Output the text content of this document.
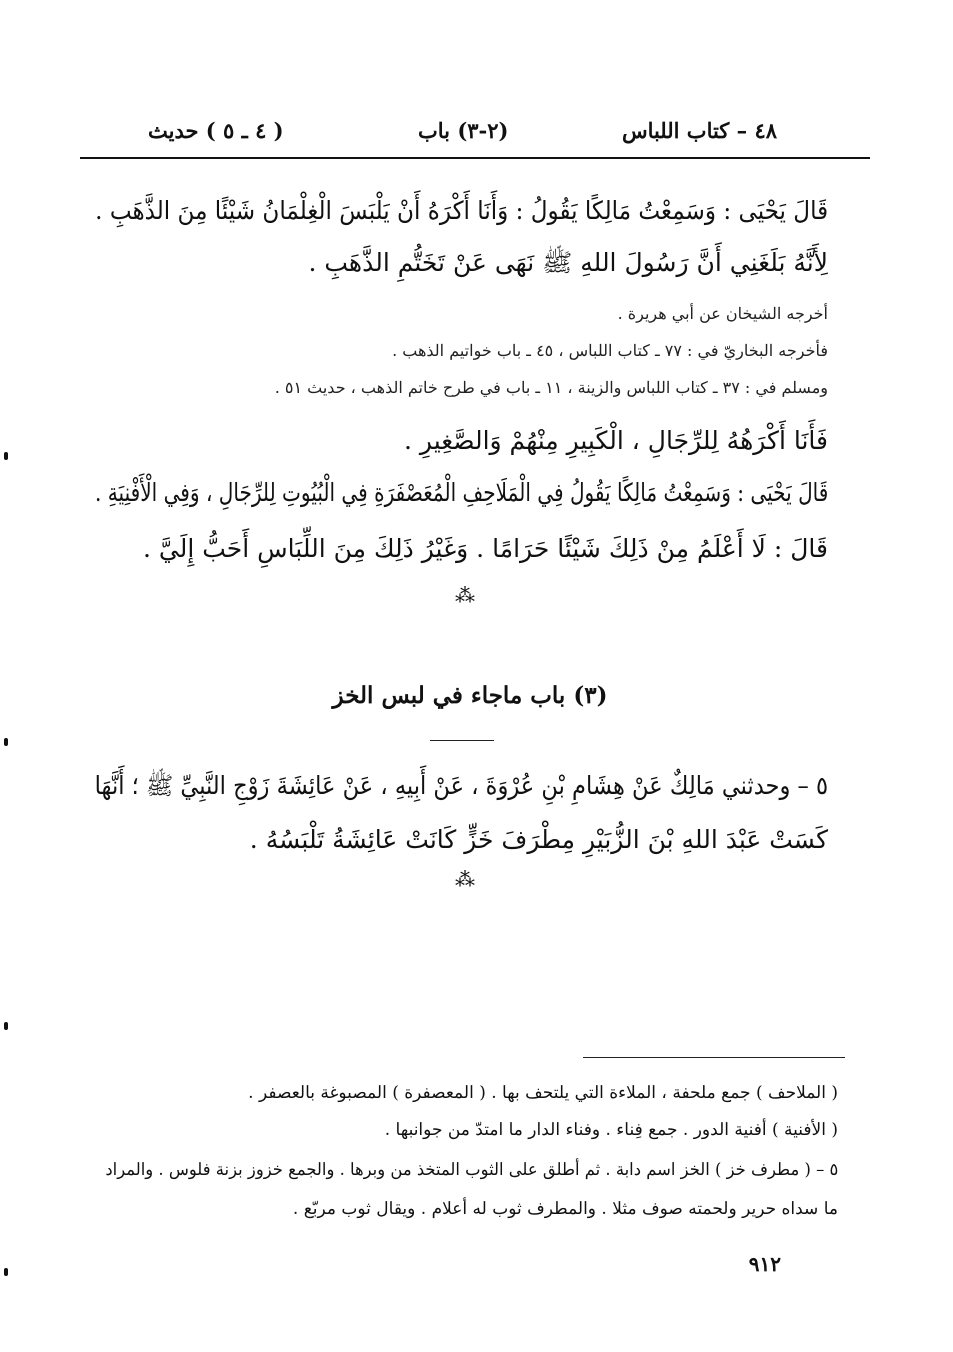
٤٨ – كتاب اللباس
(٢-٣) باب
( ٤ ـ ٥ ) حديث
قَالَ يَحْيَى : وَسَمِعْتُ مَالِكًا يَقُولُ : وَأَنَا أَكْرَهُ أَنْ يَلْبَسَ الْغِلْمَانُ شَيْئًا مِنَ الذَّهَبِ .
لِأَنَّهُ بَلَغَنِي أَنَّ رَسُولَ اللهِ ﷺ نَهَى عَنْ تَخَتُّمِ الذَّهَبِ .
أخرجه الشيخان عن أبي هريرة .
فأخرجه البخاريّ في : ٧٧ ـ كتاب اللباس ، ٤٥ ـ باب خواتيم الذهب .
ومسلم في : ٣٧ ـ كتاب اللباس والزينة ، ١١ ـ باب في طرح خاتم الذهب ، حديث ٥١ .
فَأَنَا أَكْرَهُهُ لِلرِّجَالِ ، الْكَبِيرِ مِنْهُمْ وَالصَّغِيرِ .
قَالَ يَحْيَى : وَسَمِعْتُ مَالِكًا يَقُولُ فِي الْمَلَاحِفِ الْمُعَصْفَرَةِ فِي الْبُيُوتِ لِلرِّجَالِ ، وَفِي الْأَفْنِيَةِ .
قَالَ : لَا أَعْلَمُ مِنْ ذَلِكَ شَيْئًا حَرَامًا . وَغَيْرُ ذَلِكَ مِنَ اللِّبَاسِ أَحَبُّ إِلَيَّ .
⁂
(٣) باب ماجاء في لبس الخز
٥ – وحدثني مَالِكٌ عَنْ هِشَامِ بْنِ عُرْوَةَ ، عَنْ أَبِيهِ ، عَنْ عَائِشَةَ زَوْجِ النَّبِيِّ ﷺ ؛ أَنَّهَا
كَسَتْ عَبْدَ اللهِ بْنَ الزُّبَيْرِ مِطْرَفَ خَزٍّ كَانَتْ عَائِشَةُ تَلْبَسُهُ .
⁂
( الملاحف ) جمع ملحفة ، الملاءة التي يلتحف بها . ( المعصفرة ) المصبوغة بالعصفر .
( الأفنية ) أفنية الدور . جمع فِناء . وفناء الدار ما امتدّ من جوانبها .
٥ – ( مطرف خز ) الخز اسم دابة . ثم أطلق على الثوب المتخذ من وبرها . والجمع خزوز بزنة فلوس . والمراد
ما سداه حرير ولحمته صوف مثلا . والمطرف ثوب له أعلام . ويقال ثوب مربّع .
٩١٢
